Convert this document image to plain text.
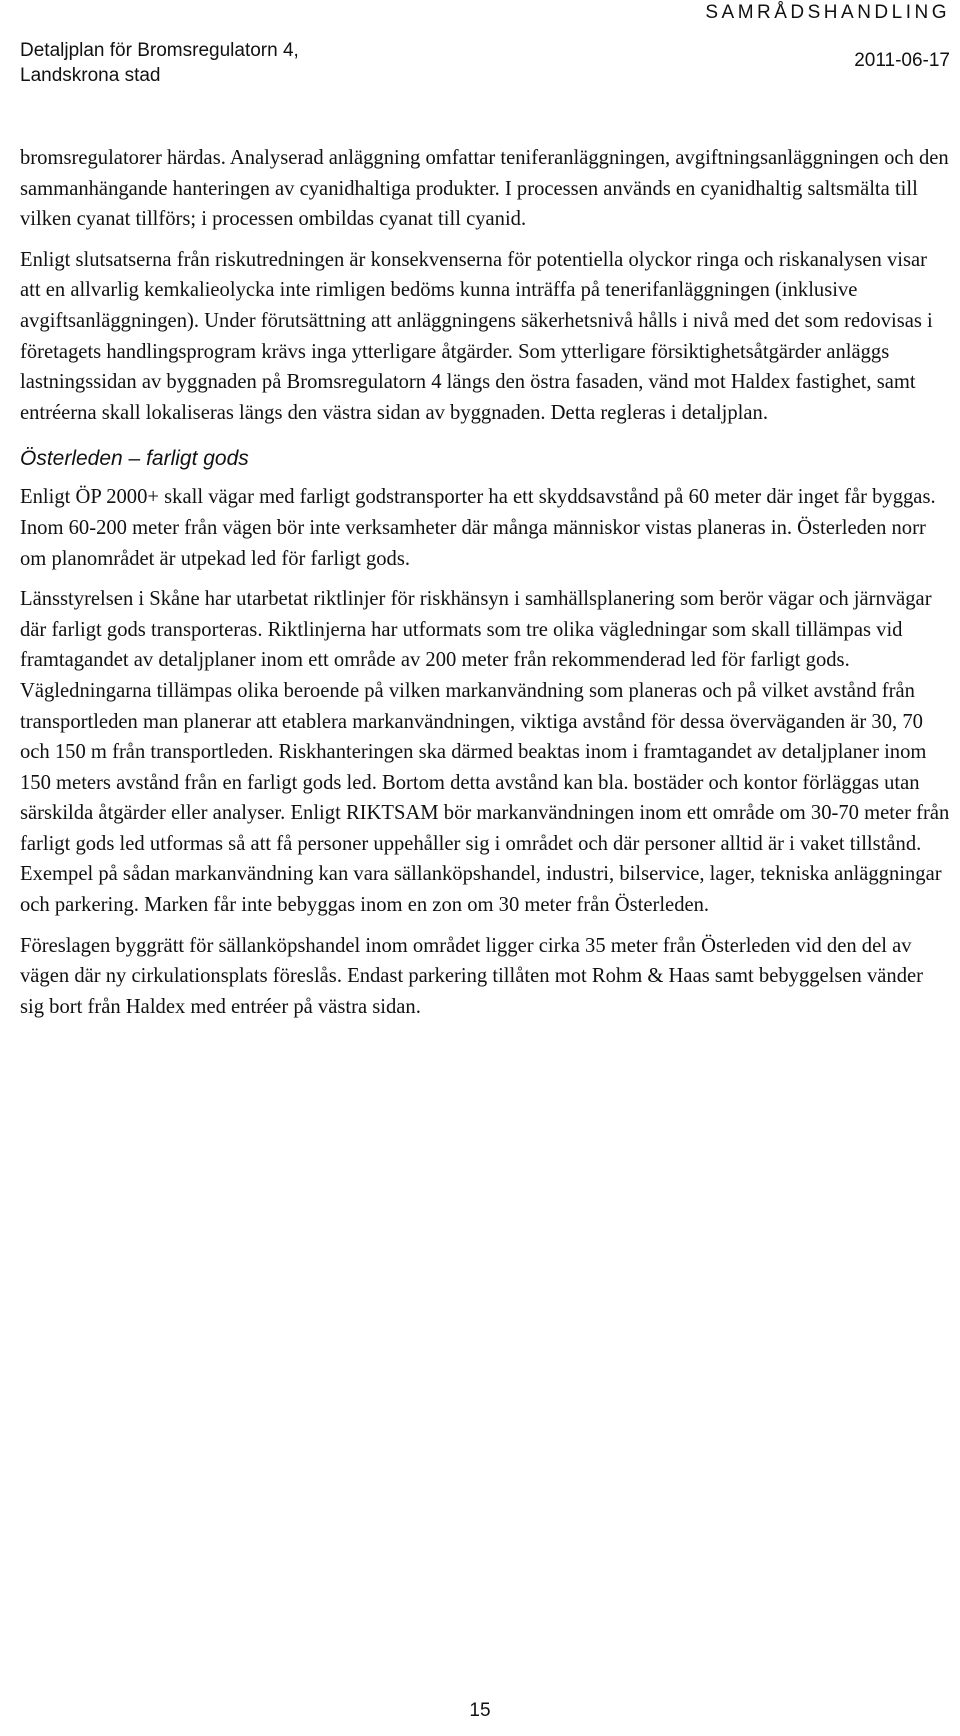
SAMRÅDSHANDLING
Detaljplan för Bromsregulatorn 4,
Landskrona stad
2011-06-17

bromsregulatorer härdas. Analyserad anläggning omfattar teniferanläggningen, avgiftningsanläggningen och den sammanhängande hanteringen av cyanidhaltiga produkter. I processen används en cyanidhaltig saltsmälta till vilken cyanat tillförs; i processen ombildas cyanat till cyanid.

Enligt slutsatserna från riskutredningen är konsekvenserna för potentiella olyckor ringa och riskanalysen visar att en allvarlig kemkalieolycka inte rimligen bedöms kunna inträffa på tenerifanläggningen (inklusive avgiftsanläggningen). Under förutsättning att anläggningens säkerhetsnivå hålls i nivå med det som redovisas i företagets handlingsprogram krävs inga ytterligare åtgärder. Som ytterligare försiktighetsåtgärder anläggs lastningssidan av byggnaden på Bromsregulatorn 4 längs den östra fasaden, vänd mot Haldex fastighet, samt entréerna skall lokaliseras längs den västra sidan av byggnaden. Detta regleras i detaljplan.

Österleden – farligt gods

Enligt ÖP 2000+ skall vägar med farligt godstransporter ha ett skyddsavstånd på 60 meter där inget får byggas. Inom 60-200 meter från vägen bör inte verksamheter där många människor vistas planeras in. Österleden norr om planområdet är utpekad led för farligt gods.

Länsstyrelsen i Skåne har utarbetat riktlinjer för riskhänsyn i samhällsplanering som berör vägar och järnvägar där farligt gods transporteras. Riktlinjerna har utformats som tre olika vägledningar som skall tillämpas vid framtagandet av detaljplaner inom ett område av 200 meter från rekommenderad led för farligt gods. Vägledningarna tillämpas olika beroende på vilken markanvändning som planeras och på vilket avstånd från transportleden man planerar att etablera markanvändningen, viktiga avstånd för dessa överväganden är 30, 70 och 150 m från transportleden. Riskhanteringen ska därmed beaktas inom i framtagandet av detaljplaner inom 150 meters avstånd från en farligt gods led. Bortom detta avstånd kan bla. bostäder och kontor förläggas utan särskilda åtgärder eller analyser. Enligt RIKTSAM bör markanvändningen inom ett område om 30-70 meter från farligt gods led utformas så att få personer uppehåller sig i området och där personer alltid är i vaket tillstånd. Exempel på sådan markanvändning kan vara sällanköpshandel, industri, bilservice, lager, tekniska anläggningar och parkering. Marken får inte bebyggas inom en zon om 30 meter från Österleden.

Föreslagen byggrätt för sällanköpshandel inom området ligger cirka 35 meter från Österleden vid den del av vägen där ny cirkulationsplats föreslås. Endast parkering tillåten mot Rohm & Haas samt bebyggelsen vänder sig bort från Haldex med entréer på västra sidan.

15
